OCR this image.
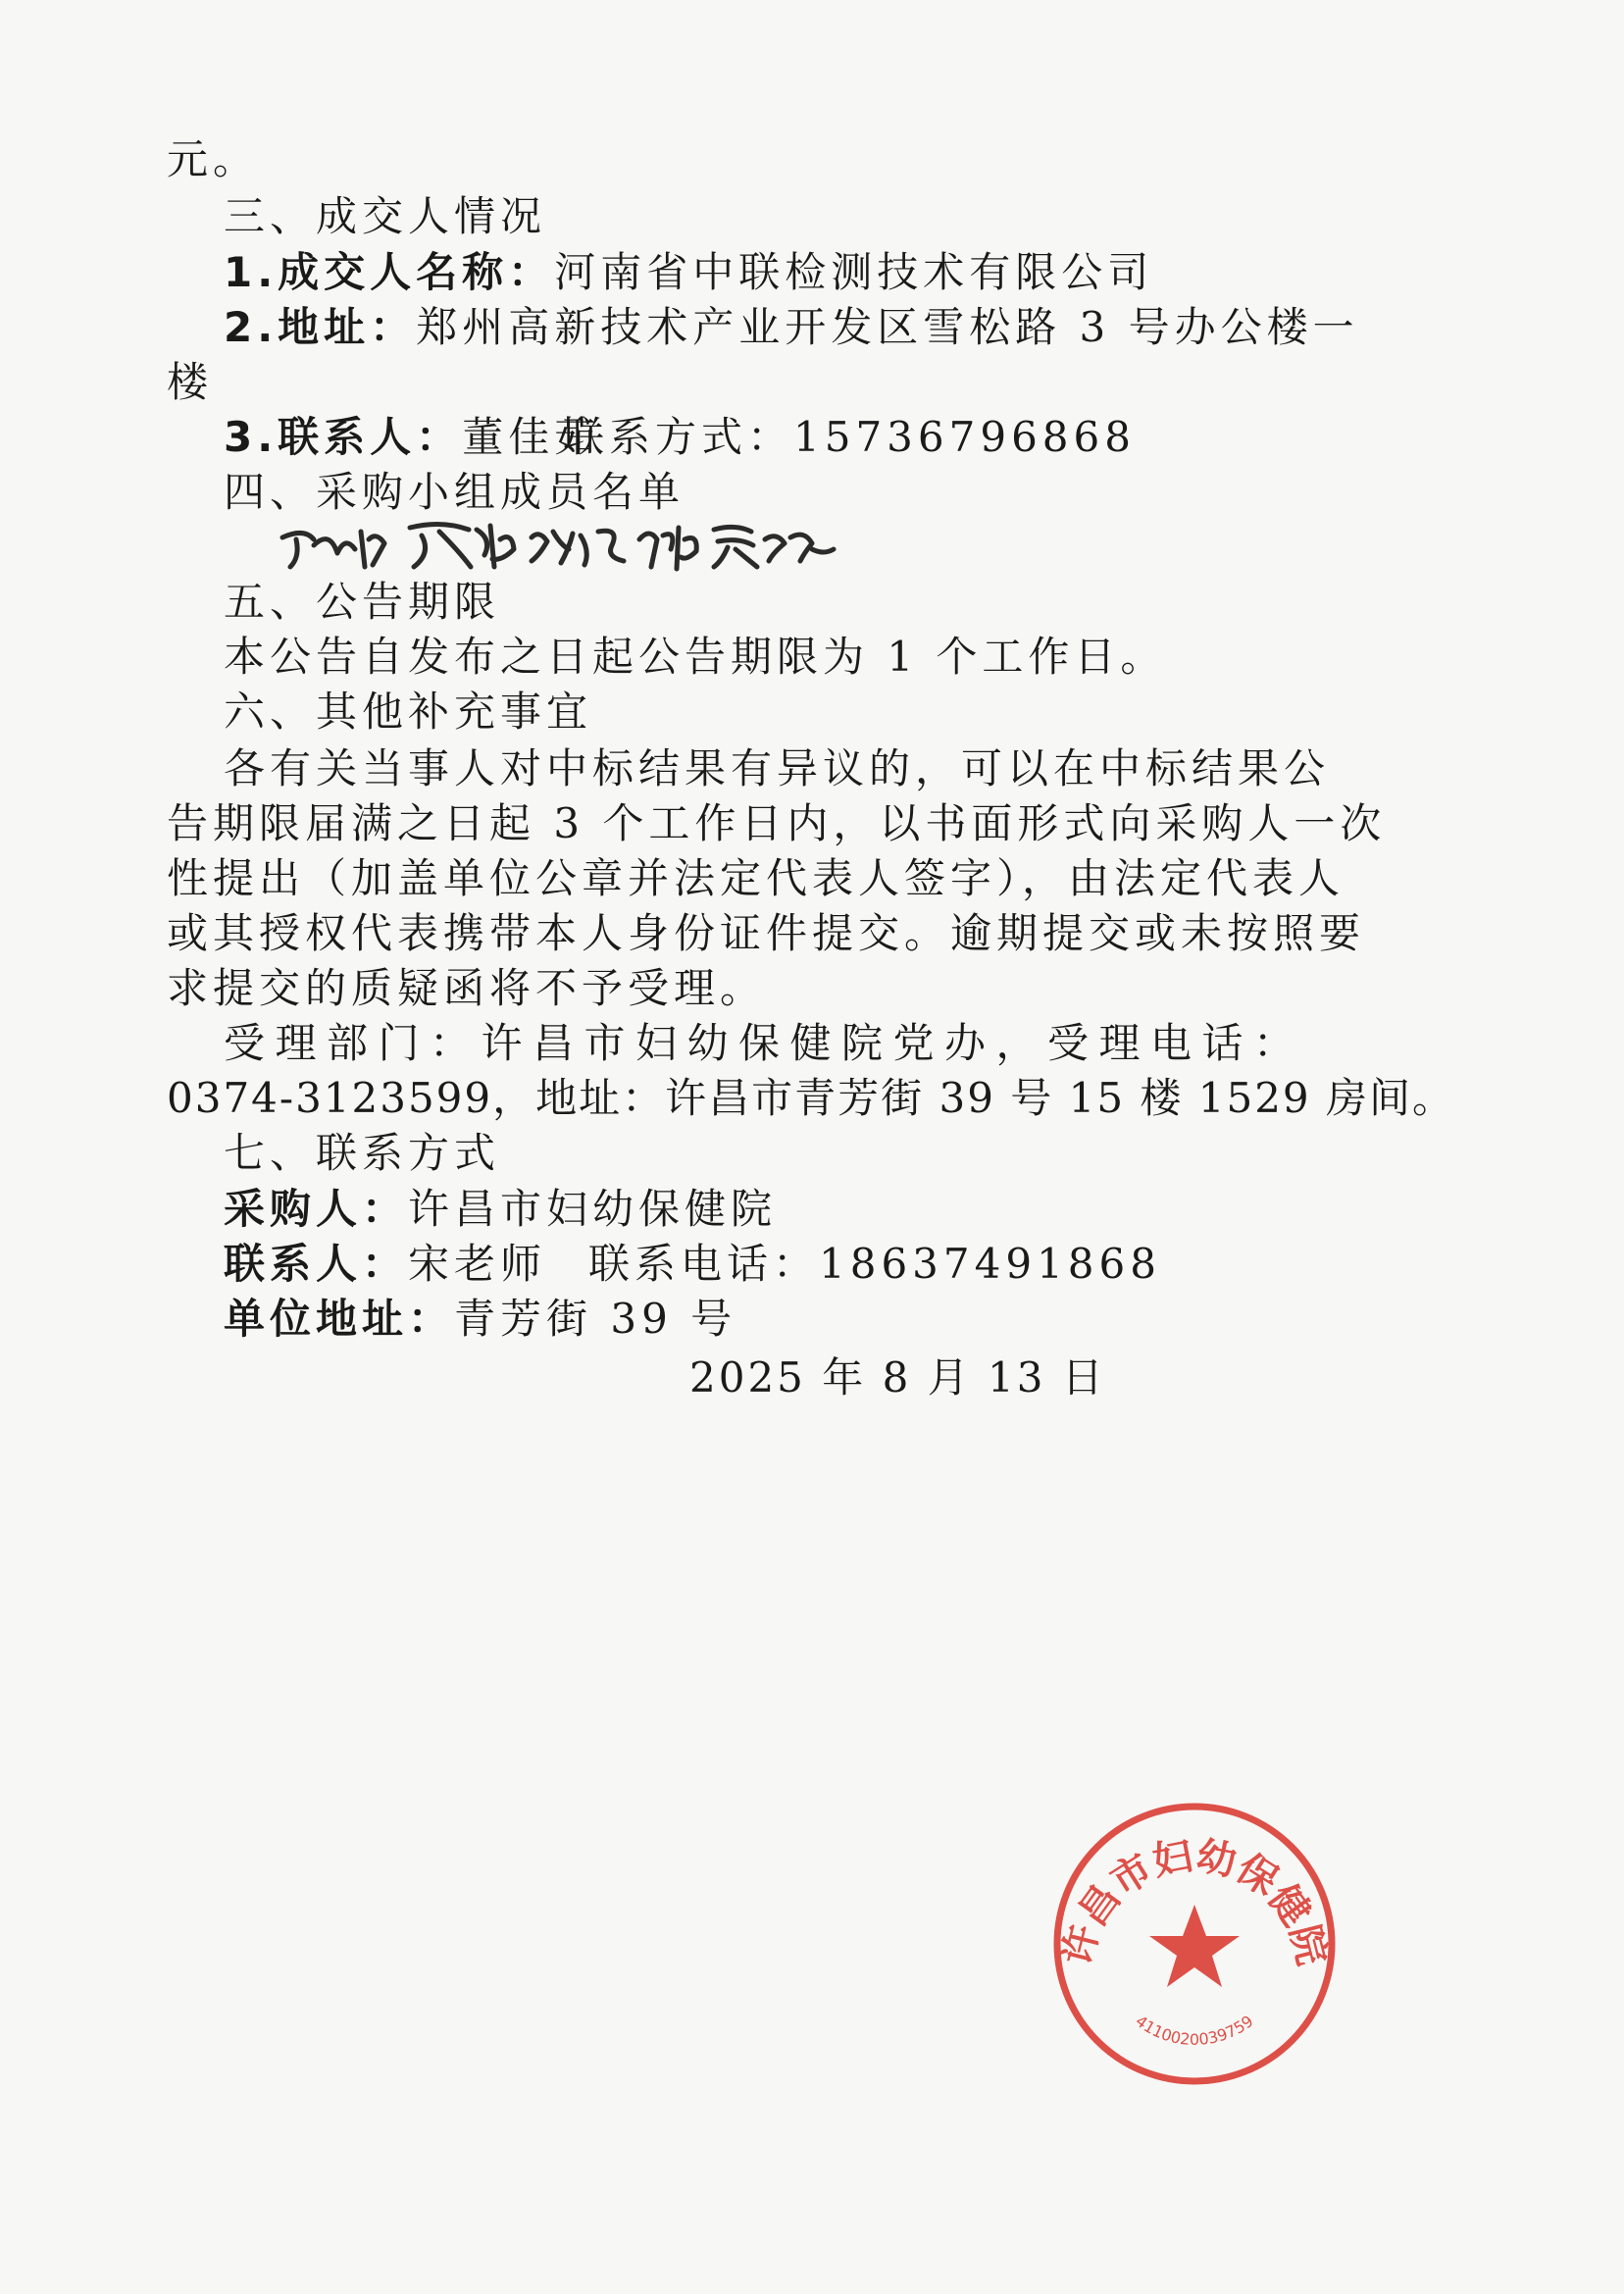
元。
三、成交人情况
1.成交人名称：河南省中联检测技术有限公司
2.地址：郑州高新技术产业开发区雪松路 3 号办公楼一
楼
3.联系人：董佳茹
联系方式：15736796868
四、采购小组成员名单
五、公告期限
本公告自发布之日起公告期限为 1 个工作日。
六、其他补充事宜
各有关当事人对中标结果有异议的，可以在中标结果公
告期限届满之日起 3 个工作日内，以书面形式向采购人一次
性提出（加盖单位公章并法定代表人签字），由法定代表人
或其授权代表携带本人身份证件提交。逾期提交或未按照要
求提交的质疑函将不予受理。
受理部门：许昌市妇幼保健院党办，受理电话：
0374-3123599，地址：许昌市青芳街 39 号 15 楼 1529 房间。
七、联系方式
采购人：许昌市妇幼保健院
联系人：宋老师 联系电话：18637491868
单位地址：青芳街 39 号
2025 年 8 月 13 日
许昌市妇幼保健院
4110020039759
